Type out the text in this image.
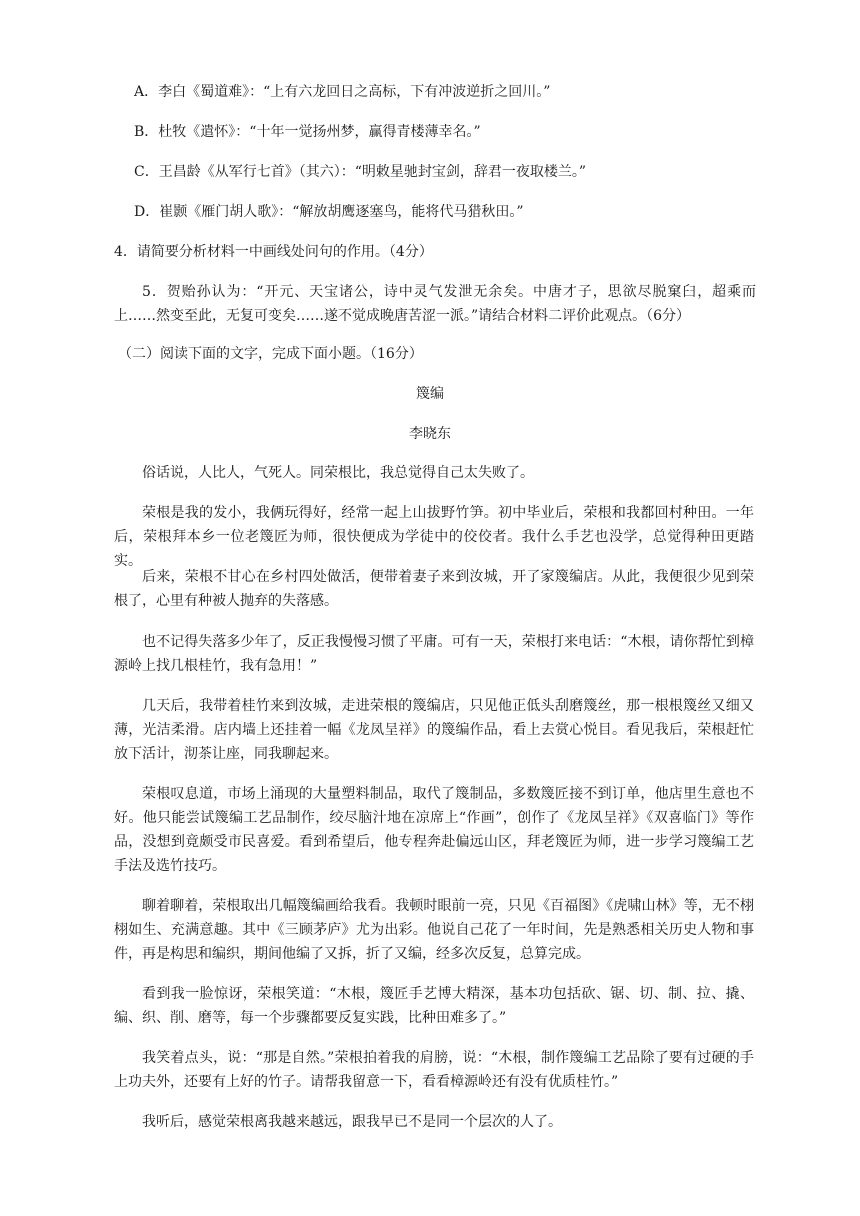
A．李白《蜀道难》：“上有六龙回日之高标，下有冲波逆折之回川。”
B．杜牧《遣怀》：“十年一觉扬州梦，赢得青楼薄幸名。”
C．王昌龄《从军行七首》（其六）：“明敕星驰封宝剑，辞君一夜取楼兰。”
D．崔颢《雁门胡人歌》：“解放胡鹰逐塞鸟，能将代马猎秋田。”
4．请简要分析材料一中画线处问句的作用。（4分）

5．贺贻孙认为：“开元、天宝诸公，诗中灵气发泄无余矣。中唐才子，思欲尽脱窠臼，超乘而上……然变至此，无复可变矣……遂不觉成晚唐苦涩一派。”请结合材料二评价此观点。（6分）

（二）阅读下面的文字，完成下面小题。（16分）
篾编
李晓东

俗话说，人比人，气死人。同荣根比，我总觉得自己太失败了。

荣根是我的发小，我俩玩得好，经常一起上山拔野竹笋。初中毕业后，荣根和我都回村种田。一年后，荣根拜本乡一位老篾匠为师，很快便成为学徒中的佼佼者。我什么手艺也没学，总觉得种田更踏实。

后来，荣根不甘心在乡村四处做活，便带着妻子来到汝城，开了家篾编店。从此，我便很少见到荣根了，心里有种被人抛弃的失落感。

也不记得失落多少年了，反正我慢慢习惯了平庸。可有一天，荣根打来电话：“木根，请你帮忙到樟源岭上找几根桂竹，我有急用！”

几天后，我带着桂竹来到汝城，走进荣根的篾编店，只见他正低头刮磨篾丝，那一根根篾丝又细又薄，光洁柔滑。店内墙上还挂着一幅《龙凤呈祥》的篾编作品，看上去赏心悦目。看见我后，荣根赶忙放下活计，沏茶让座，同我聊起来。

荣根叹息道，市场上涌现的大量塑料制品，取代了篾制品，多数篾匠接不到订单，他店里生意也不好。他只能尝试篾编工艺品制作，绞尽脑汁地在凉席上“作画”，创作了《龙凤呈祥》《双喜临门》等作品，没想到竟颇受市民喜爱。看到希望后，他专程奔赴偏远山区，拜老篾匠为师，进一步学习篾编工艺手法及选竹技巧。

聊着聊着，荣根取出几幅篾编画给我看。我顿时眼前一亮，只见《百福图》《虎啸山林》等，无不栩栩如生、充满意趣。其中《三顾茅庐》尤为出彩。他说自己花了一年时间，先是熟悉相关历史人物和事件，再是构思和编织，期间他编了又拆，折了又编，经多次反复，总算完成。

看到我一脸惊讶，荣根笑道：“木根，篾匠手艺博大精深，基本功包括砍、锯、切、制、拉、撬、编、织、削、磨等，每一个步骤都要反复实践，比种田难多了。”

我笑着点头，说：“那是自然。”荣根拍着我的肩膀，说：“木根，制作篾编工艺品除了要有过硬的手上功夫外，还要有上好的竹子。请帮我留意一下，看看樟源岭还有没有优质桂竹。”

我听后，感觉荣根离我越来越远，跟我早已不是同一个层次的人了。
